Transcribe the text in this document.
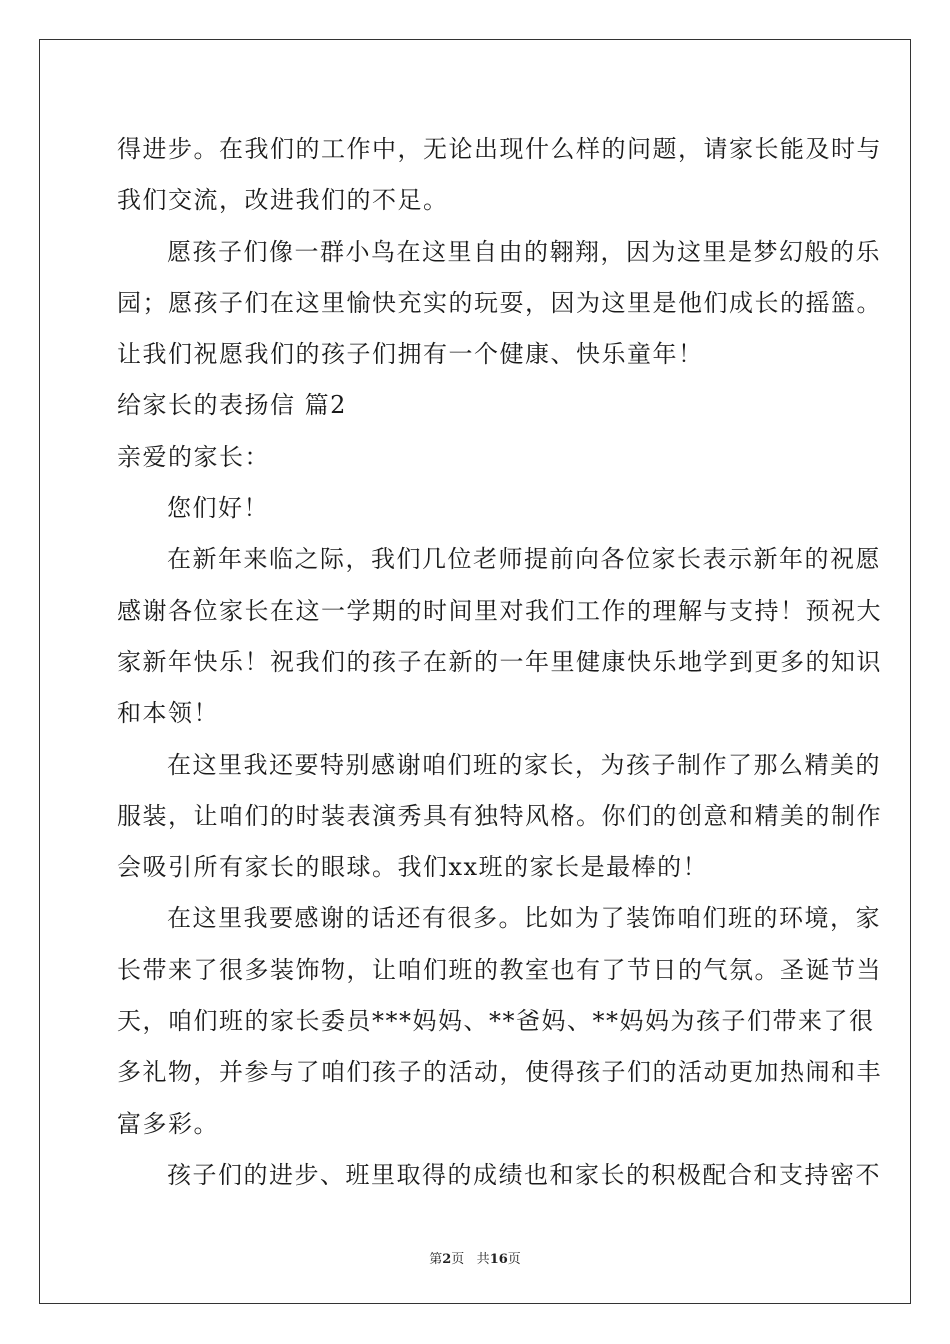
得进步。在我们的工作中，无论出现什么样的问题，请家长能及时与
我们交流，改进我们的不足。
愿孩子们像一群小鸟在这里自由的翱翔，因为这里是梦幻般的乐
园；愿孩子们在这里愉快充实的玩耍，因为这里是他们成长的摇篮。
让我们祝愿我们的孩子们拥有一个健康、快乐童年！
给家长的表扬信 篇2
亲爱的家长：
您们好！
在新年来临之际，我们几位老师提前向各位家长表示新年的祝愿
感谢各位家长在这一学期的时间里对我们工作的理解与支持！预祝大
家新年快乐！祝我们的孩子在新的一年里健康快乐地学到更多的知识
和本领！
在这里我还要特别感谢咱们班的家长，为孩子制作了那么精美的
服装，让咱们的时装表演秀具有独特风格。你们的创意和精美的制作
会吸引所有家长的眼球。我们xx班的家长是最棒的！
在这里我要感谢的话还有很多。比如为了装饰咱们班的环境，家
长带来了很多装饰物，让咱们班的教室也有了节日的气氛。圣诞节当
天，咱们班的家长委员***妈妈、**爸妈、**妈妈为孩子们带来了很
多礼物，并参与了咱们孩子的活动，使得孩子们的活动更加热闹和丰
富多彩。
孩子们的进步、班里取得的成绩也和家长的积极配合和支持密不
第2页 共16页
